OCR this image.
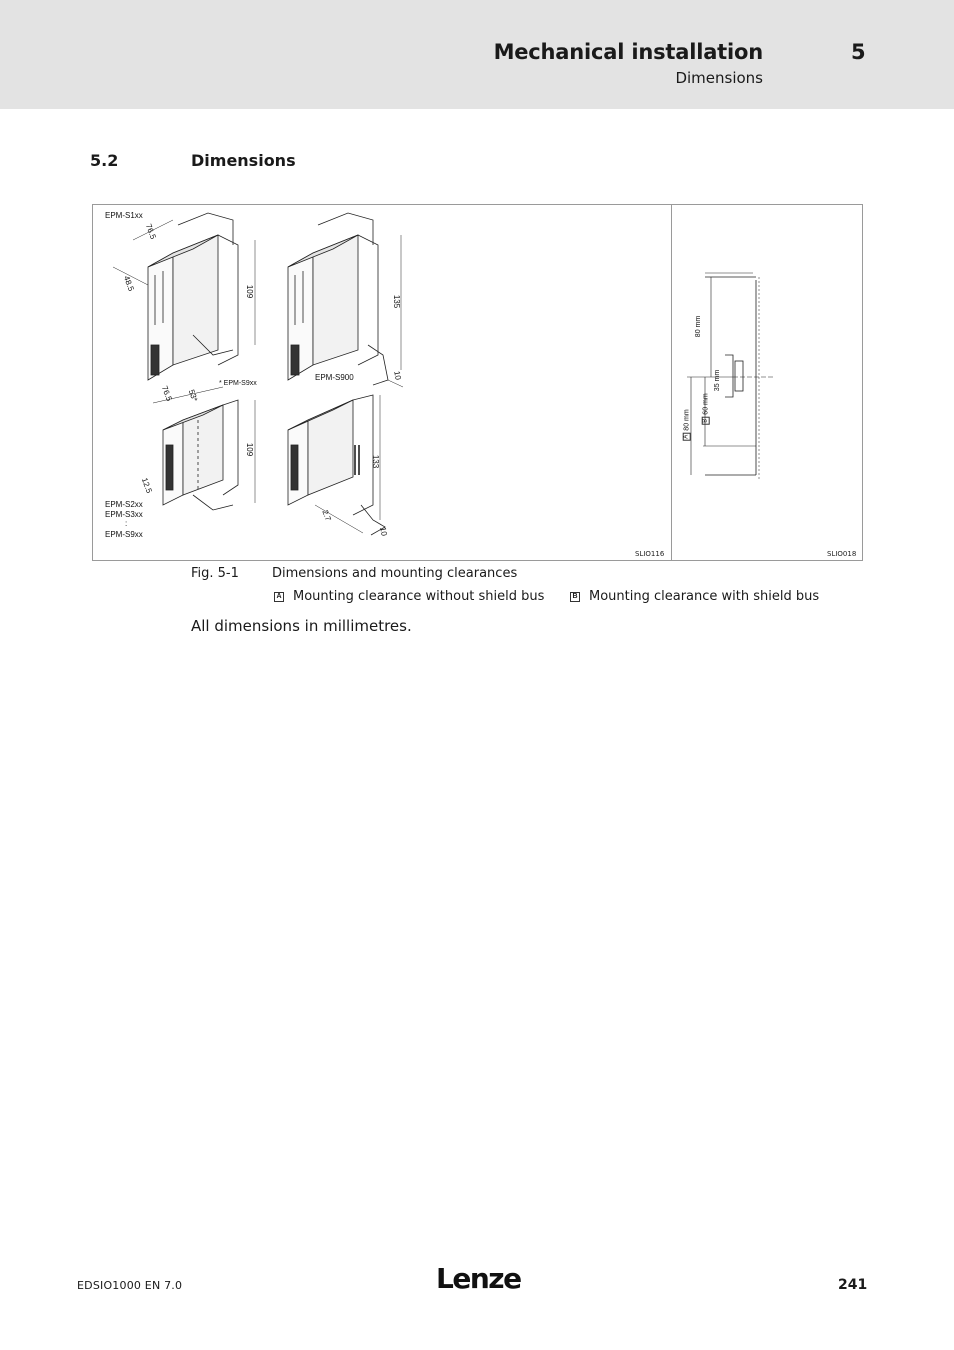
Mechanical installation	5
Dimensions
5.2	Dimensions
EPM-S1xx
* EPM-S9xx
EPM-S900
EPM-S2xx
EPM-S3xx
:
EPM-S9xx
76.5
48.5	109
135
10
76.5 53*
109
12.5
133
2.7
10
80 mm
35 mm
B
60 mm
A
80 mm
SLIO116	SLIO018
Fig. 5-1	Dimensions and mounting clearances
A Mounting clearance without shield bus	B Mounting clearance with shield bus
All dimensions in millimetres.
EDSIO1000 EN 7.0	Lenze	241
